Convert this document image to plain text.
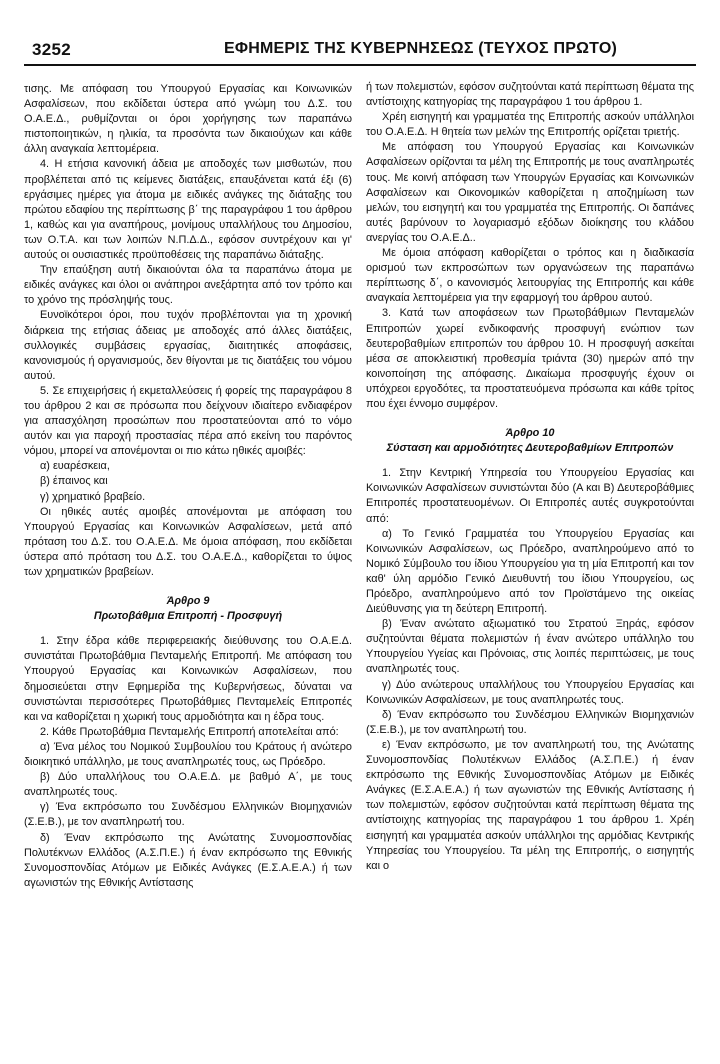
3252	ΕΦΗΜΕΡΙΣ ΤΗΣ ΚΥΒΕΡΝΗΣΕΩΣ (ΤΕΥΧΟΣ ΠΡΩΤΟ)

τισης. Με απόφαση του Υπουργού Εργασίας και Κοινωνικών Ασφαλίσεων, που εκδίδεται ύστερα από γνώμη του Δ.Σ. του Ο.Α.Ε.Δ., ρυθμίζονται οι όροι χορήγησης των παραπάνω πιστοποιητικών, η ηλικία, τα προσόντα των δικαιούχων και κάθε άλλη αναγκαία λεπτομέρεια.

4. Η ετήσια κανονική άδεια με αποδοχές των μισθωτών, που προβλέπεται από τις κείμενες διατάξεις, επαυξάνεται κατά έξι (6) εργάσιμες ημέρες για άτομα με ειδικές ανάγκες της διάταξης του πρώτου εδαφίου της περίπτωσης β΄ της παραγράφου 1 του άρθρου 1, καθώς και για αναπήρους, μονίμους υπαλλήλους του Δημοσίου, των Ο.Τ.Α. και των λοιπών Ν.Π.Δ.Δ., εφόσον συντρέχουν και γι' αυτούς οι ουσιαστικές προϋποθέσεις της παραπάνω διάταξης.

Την επαύξηση αυτή δικαιούνται όλα τα παραπάνω άτομα με ειδικές ανάγκες και όλοι οι ανάπηροι ανεξάρτητα από τον τρόπο και το χρόνο της πρόσληψής τους.

Ευνοϊκότεροι όροι, που τυχόν προβλέπονται για τη χρονική διάρκεια της ετήσιας άδειας με αποδοχές από άλλες διατάξεις, συλλογικές συμβάσεις εργασίας, διαιτητικές αποφάσεις, κανονισμούς ή οργανισμούς, δεν θίγονται με τις διατάξεις του νόμου αυτού.

5. Σε επιχειρήσεις ή εκμεταλλεύσεις ή φορείς της παραγράφου 8 του άρθρου 2 και σε πρόσωπα που δείχνουν ιδιαίτερο ενδιαφέρον για απασχόληση προσώπων που προστατεύονται από το νόμο αυτόν και για παροχή προστασίας πέρα από εκείνη του παρόντος νόμου, μπορεί να απονέμονται οι πιο κάτω ηθικές αμοιβές:

α) ευαρέσκεια,

β) έπαινος και

γ) χρηματικό βραβείο.

Οι ηθικές αυτές αμοιβές απονέμονται με απόφαση του Υπουργού Εργασίας και Κοινωνικών Ασφαλίσεων, μετά από πρόταση του Δ.Σ. του Ο.Α.Ε.Δ. Με όμοια απόφαση, που εκδίδεται ύστερα από πρόταση του Δ.Σ. του Ο.Α.Ε.Δ., καθορίζεται το ύψος των χρηματικών βραβείων.

Άρθρο 9
Πρωτοβάθμια Επιτροπή - Προσφυγή

1. Στην έδρα κάθε περιφερειακής διεύθυνσης του Ο.Α.Ε.Δ. συνιστάται Πρωτοβάθμια Πενταμελής Επιτροπή. Με απόφαση του Υπουργού Εργασίας και Κοινωνικών Ασφαλίσεων, που δημοσιεύεται στην Εφημερίδα της Κυβερνήσεως, δύναται να συνιστώνται περισσότερες Πρωτοβάθμιες Πενταμελείς Επιτροπές και να καθορίζεται η χωρική τους αρμοδιότητα και η έδρα τους.

2. Κάθε Πρωτοβάθμια Πενταμελής Επιτροπή αποτελείται από:

α) Ένα μέλος του Νομικού Συμβουλίου του Κράτους ή ανώτερο διοικητικό υπάλληλο, με τους αναπληρωτές τους, ως Πρόεδρο.

β) Δύο υπαλλήλους του Ο.Α.Ε.Δ. με βαθμό Α΄, με τους αναπληρωτές τους.

γ) Ένα εκπρόσωπο του Συνδέσμου Ελληνικών Βιομηχανιών (Σ.Ε.Β.), με τον αναπληρωτή του.

δ) Έναν εκπρόσωπο της Ανώτατης Συνομοσπονδίας Πολυτέκνων Ελλάδος (Α.Σ.Π.Ε.) ή έναν εκπρόσωπο της Εθνικής Συνομοσπονδίας Ατόμων με Ειδικές Ανάγκες (Ε.Σ.Α.Ε.Α.) ή των αγωνιστών της Εθνικής Αντίστασης

ή των πολεμιστών, εφόσον συζητούνται κατά περίπτωση θέματα της αντίστοιχης κατηγορίας της παραγράφου 1 του άρθρου 1.

Χρέη εισηγητή και γραμματέα της Επιτροπής ασκούν υπάλληλοι του Ο.Α.Ε.Δ. Η θητεία των μελών της Επιτροπής ορίζεται τριετής.

Με απόφαση του Υπουργού Εργασίας και Κοινωνικών Ασφαλίσεων ορίζονται τα μέλη της Επιτροπής με τους αναπληρωτές τους. Με κοινή απόφαση των Υπουργών Εργασίας και Κοινωνικών Ασφαλίσεων και Οικονομικών καθορίζεται η αποζημίωση των μελών, του εισηγητή και του γραμματέα της Επιτροπής. Οι δαπάνες αυτές βαρύνουν το λογαριασμό εξόδων διοίκησης του κλάδου ανεργίας του Ο.Α.Ε.Δ..

Με όμοια απόφαση καθορίζεται ο τρόπος και η διαδικασία ορισμού των εκπροσώπων των οργανώσεων της παραπάνω περίπτωσης δ΄, ο κανονισμός λειτουργίας της Επιτροπής και κάθε αναγκαία λεπτομέρεια για την εφαρμογή του άρθρου αυτού.

3. Κατά των αποφάσεων των Πρωτοβάθμιων Πενταμελών Επιτροπών χωρεί ενδικοφανής προσφυγή ενώπιον των δευτεροβαθμίων επιτροπών του άρθρου 10. Η προσφυγή ασκείται μέσα σε αποκλειστική προθεσμία τριάντα (30) ημερών από την κοινοποίηση της απόφασης. Δικαίωμα προσφυγής έχουν οι υπόχρεοι εργοδότες, τα προστατευόμενα πρόσωπα και κάθε τρίτος που έχει έννομο συμφέρον.

Άρθρο 10
Σύσταση και αρμοδιότητες Δευτεροβαθμίων Επιτροπών

1. Στην Κεντρική Υπηρεσία του Υπουργείου Εργασίας και Κοινωνικών Ασφαλίσεων συνιστώνται δύο (Α και Β) Δευτεροβάθμιες Επιτροπές προστατευομένων. Οι Επιτροπές αυτές συγκροτούνται από:

α) Το Γενικό Γραμματέα του Υπουργείου Εργασίας και Κοινωνικών Ασφαλίσεων, ως Πρόεδρο, αναπληρούμενο από το Νομικό Σύμβουλο του ίδιου Υπουργείου για τη μία Επιτροπή και τον καθ' ύλη αρμόδιο Γενικό Διευθυντή του ίδιου Υπουργείου, ως Πρόεδρο, αναπληρούμενο από τον Προϊστάμενο της οικείας Διεύθυνσης για τη δεύτερη Επιτροπή.

β) Έναν ανώτατο αξιωματικό του Στρατού Ξηράς, εφόσον συζητούνται θέματα πολεμιστών ή έναν ανώτερο υπάλληλο του Υπουργείου Υγείας και Πρόνοιας, στις λοιπές περιπτώσεις, με τους αναπληρωτές τους.

γ) Δύο ανώτερους υπαλλήλους του Υπουργείου Εργασίας και Κοινωνικών Ασφαλίσεων, με τους αναπληρωτές τους.

δ) Έναν εκπρόσωπο του Συνδέσμου Ελληνικών Βιομηχανιών (Σ.Ε.Β.), με τον αναπληρωτή του.

ε) Έναν εκπρόσωπο, με τον αναπληρωτή του, της Ανώτατης Συνομοσπονδίας Πολυτέκνων Ελλάδος (Α.Σ.Π.Ε.) ή έναν εκπρόσωπο της Εθνικής Συνομοσπονδίας Ατόμων με Ειδικές Ανάγκες (Ε.Σ.Α.Ε.Α.) ή των αγωνιστών της Εθνικής Αντίστασης ή των πολεμιστών, εφόσον συζητούνται κατά περίπτωση θέματα της αντίστοιχης κατηγορίας της παραγράφου 1 του άρθρου 1. Χρέη εισηγητή και γραμματέα ασκούν υπάλληλοι της αρμόδιας Κεντρικής Υπηρεσίας του Υπουργείου. Τα μέλη της Επιτροπής, ο εισηγητής και ο
